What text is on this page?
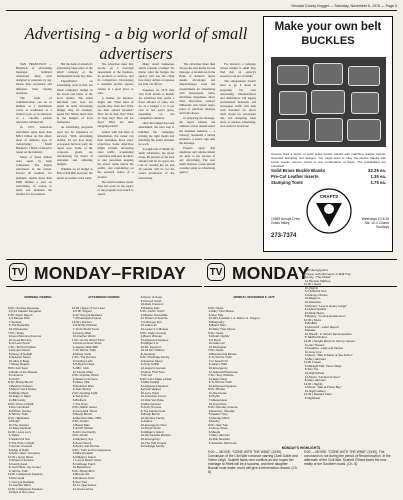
Nevada County Nugget — Saturday, November 6, 1976 — Page 3
Advertising - a big world of small advertisers

SAN FRANCISCO — Hundreds of advertising messages bombard Americans daily, each designed to penetrate by any means their awareness and influence their buying decisions.

The form of communication can be as humble as a matchbook cover, as traditional as a barber's pole, or as elaborate as a colorful, packed television commercial.

In 1975, American advertisers spent more than $28.3 billion on this effort, most of America says in 'Advertising: Small Business,' a Bank of America report on the industry.

Many of those dollars were spent by large companies. The largest advertisers in the nation, Procter & Gamble, for example, spends more than $300 million a year on advertising, of course, to build and maintain the markets for its products.

But the bulk of America's advertising takes place at the small company or the businessman in the big cities.

Expenditures on advertising, such as this, are small company's budget in the broad and better of the local retailer. The small merchant who does not spend on radio advertising budget, may, for example, spend $12 billion more than in the budgets of local businesses.

As advertising programs need not be expensive to succeed. 'With advertising dollars, it's not how many you spend, but how well,' the report says. Some of the corporate giants are reevaluating the brand of strategies and adjusting budgets.

Whether an ad budget is $50 or $50,000, however, the initial procedure is the same.

The advertiser must first decide on a thorough assessment of the business, its products or services, and its competitors. Developing a customer profile, experts advise, is a good place to start.

A retailer, for instance, might ask: What kind of people shop from me? What are their annual incomes? How far do they live? What do they buy? How old are they? What are their shopping habits?

Armed with this kind of information, the owner can then formulate more exact objectives. Some objectives might include increasing store traffic, acquainting customers with new products or new personnel, keeping the store's name before the public, and capitalizing on the seasonal nature of a product.

The small business owner then has work on the aspect of the program: how much to spend.

Many small businesses which consider a budget. No matter what the budget, the agency will ask the client how many dollars of expense the firm can afford.

Expenses for 1976 may vary from month to month. An advertiser may prefer a fixed amount of sales, and set as a budget 3 to 6 per cent of last year's gross, depending on the competitive situation.

Once the budget has been determined, the next step is building the campaign, picking the right media and matching the dollar amounts for each.

A rough rule of thumb for small advertisers, the report states, 80 percent of the total amount will be for space; the cost of creating the ad, and 20 percent will be for the actual production of the advertising.

The advertiser must then choose the best media for the message. A breakdown in the Bank of America report details advantages and disadvantages, costs and requirements for advertising with newspapers, radio, television, magazines, direct mail, directories, outdoor billboards and transit signs, point of purchase displays and trade shows.

In preparing the message, the report advises, the business owner should select the intended audience — a brewery represents a strong audience, a transit sign tells the message.

Experts agree that repetition and reinforcement are keys to the success of any advertising. The new small business owner should consider using an advertising agency.

For instance, a company whose budget is small may find that an agency's resources are not available.

The entrepreneur doesn't have to go it alone in preparing his own advertising. Manufacturers and distributors will supply promotional materials and newspaper staffs will help with literature for direct mail, layout for newspaper ads, and designing trade show or outdoor advertising, and cards for broadcast.

Make your own belt
BUCKLES
Choose from a styles of solid brass buckle blanks with matching leather inserts. Assorted stamping tool designs. You might want to inlay the buckle blanks with exotic woods, stones, resins or any combination of these. The possibilities are unlimited!
Solid Brass Buckle Blanks	$2.35 ea.
Pre-Cut Leather Inserts	1.35 ea.
Stamping Tools	1.75 ea.
CRAFTS
10989 Aerojet Drive Grass Valley
Weekdays 10-5:30 Sat. 10-4 Closed Sundays
273-7374
TV MONDAY–FRIDAY TV MONDAY

MORNING VIEWING

6:00 ▪ Sunrise Semester
3-6-12 Captain Kangaroo
6:30 ▪ Farm Report
2-3 Ranger Rick
7-Sunrise
8-The Bulwinkle
10-Christopher
7:00 ▪ Today
3-Good Morning America
10-Good Morning
6-12 Leon Knott
7:30 ▪ Tell Kid Kiddies
4-Romper Room
8-Davey & Goliath
9-Sesame Street
10-Alice & Bugs
7-Mister Rogers
8:00 ▪ Hot Seat
3-Battle of the Planets
6-Cartoons
5-Clutch
8:30 ▪ Brady Bunch
3-Batman Cartoon
6-Mayor Cat & Ducky
5-Midday Mess
10-Edge of Night
11-Bill Cosby
9:00 ▪ Price is Right
3-Rex Humbard
6-Kitchen Hockey
8-Tell the Truth
9:30 ▪ Tattletales
3-Dinah!
10-The Hunters
12-Mary Hartman
10:00 ▪ Love Lucy
4-Today
5-Sanford & Son
6-The Price is Right
7-Corner Crosswit
8-Edge of Night
9-Zoom, Elec. Company
10:30 ▪ Gong Show
3-Wheel of Fortune
6-Family Feud
8-Youth Best, Jay Center
9-Tell the Truth
11:00 ▪ Hollywood Squares
3-Pat Canal
7-Young & Restless
11-Gamble Ward
11:30 ▪ Hollywood Squares
3-Days of Our Lives

AFTERNOON VIEWING

12:00 ▪ Days of Our Lives
3-5 Mr. Rogers
6-12 Young & Restless
7-10 Newlywed Game
12:30 ▪ Doctors
3-8 All My Children
7-10 As World Turns
6-Family Affair
10-Another World
1:00 ▪ As the World Turns
3-Roomed Hour Show
6-Jeanne Wait With
7-10 Tell the Truth
8-Monte Carlo
1:30 ▪ The Doctors
3-Guiding Light
5-8-Ryan's Hope
6-ABC, Club
10-Family Affair
2:00 ▪ Another World
3-Wheel of Fortune
5-Nitero Villa
8-Rockford Files
9-Joan Spring
2:30 ▪ Guiding Light
3-Ted & Don
6-Brothers
7-The Days
3:00 ▪ Match Game
3-Gene Kell, Show
6-Brady Bunch
8-Merchant Man, PBS
3:30 ▪ Dinah!
3-Bionic Man
6-All Mr. Mother
8-All in the Family
4:00 ▪ Dinah
3-Mayberry Sys
6-Zoom Doors
8-Rocky and Friends
4:30 ▪ Truth and Consequence
3-Mike Douglas
6-Gilligan's Island
7-Lucy & Beach Show
8-Cabbage Patch
10-Bewitched
5:00 ▪ Brady Brch
3-Bicycle Sis
6-Petticoat Jnctn
8-Star Trek
10-Lo Viva Santos
12-Green Acres

6-Room of Hope
5-Kid and Smith
10-Dark Crescent
5-Raising Kids
5:30 ▪ Ouch! Ouch!
3-Mission Impossible
6-I Dream of Jeannie
7-6-Romper Rm
10-Adam-12
12-Leave It to Beaver
6:00 ▪ Daily Comedy
3-Bionic Woman
6-Hollywood Squares
8-Gilligan's Is.
10-Mr. Hyperion
10-All My Children
8-Jeopardy
6:30 ▪ Partridge Family
3-Sesame Street
6-Andy Griffith
12-Hogan's Heroes
3-Name That Tune
7-Mr. Ed
8:30 ▪ Let's Make a Deal
3-Mike Nesbitt
6-Hollywood Squares
8-Frank Vanhut
10-Lucy Show
10-American Forum
12-Dick Van Dyke
3-Mike Gardner
5-Andy Thomas
6-The Family Feud
5-Brady Bunch
12-Monday Family
6-Adams
10-Emergency One!
12-Dinah Show
6-Gilligan's Island
10-My Favorite Martian
10-Emergency!
10-The Odd Couple
6-Partridge Family

MONDAY, NOVEMBER 8, 1976

6:00 ▪ News
3-Mary Tyler Moore
6-Star Trek
10-NFL Football: L.A. Rams vs. Oregon
9-Biography
6-Bionic Man
10-Mary Tyler Moore
6:30 ▪ News
6-Dinah: Nightly
5-5 Bond
10-Adam-12
10-Moviegoer
7:00 ▪ News
3-Bicentennial Minute
6-To Tell the Truth
7-In Search Of
5-Joker's Wild
10-Emergency
12-National Playhouse
7:30 ▪ Tony Orlando
3-Happy Days
6-To Tell the Truth
8-Hollywood Squares
8:00 ▪ Rhoda
3-Little House
6-Phyllis
7-Masterpiece
10-Front Row
8:30 ▪ Monday Cinema
3-Evening - Monday
5-Dasher Tony
6-Monday Mitch
9-Rocky
9:00 ▪ Star Trek
3-Chevy Show
6-Maude
7-Mary Hartman
10-Bob Newhart
5-Saturday Night Live

4-10 Hieroglyphics
6-Hyper at Performance of Mall Trap
5-Lucy: "The Chase"
12-Monster Matinee
10:00 ▪ News
10-(Night)
5-4-5-Bell H Gun
6-Grampy Choice
12-Magnum
10-Detective
5-Movies: "Love is Heavy Cargo"
6-Hybrid Starlets
10-Meta Tavira
5-Beauty: "Cock-a-Doodle-Doo"
10:30 ▪ News
3-Bedlam
6-Moncrieff - Labor Report
8-Estate
10-Sheriff - In School Decomposition
5-Tabitha Dinkum
11:00 ▪ Tonight Show w/ Johnny Carson
3-Latin Theatre
6-Deadline - Lady and Vanted
10-Gray Line
3-Movie: "Ran & Saber at Tea & Run"
6-Mary Hartman
11:30 ▪ News
6-Midnight Talk: Twin's Ways
5-Tom Tim
10-Night Movie
12-Movie: "Hunted at Noon"
8-Mary Hartman
12:00 ▪ Nightly
3-Movie: "Had at Police Bay"
10-Night Gallery
12:30 ▪ Nevada Joker
6-Nightbeat

MONDAY'S HIGHLIGHTS
9:00 — MOVIE: "GONE WITH THE WIND" (1939). Conclusion of the Civil War romance starring Clark Gable and Vivien Leigh. Scarlett faces new conflicts as she hopes her marriage to Rhett will be a success, and their daughter Bonnie must make, and it will give a tremendous reward. (Ch. 8)
9:00 — MOVIE: "GONE WITH THE WIND" (1939). The conclusion is not during the period of Reconstruction. In the aftermath of the Civil War, Scarlett O'Hara faces the new reality of her Southern world. (Ch. 5)
